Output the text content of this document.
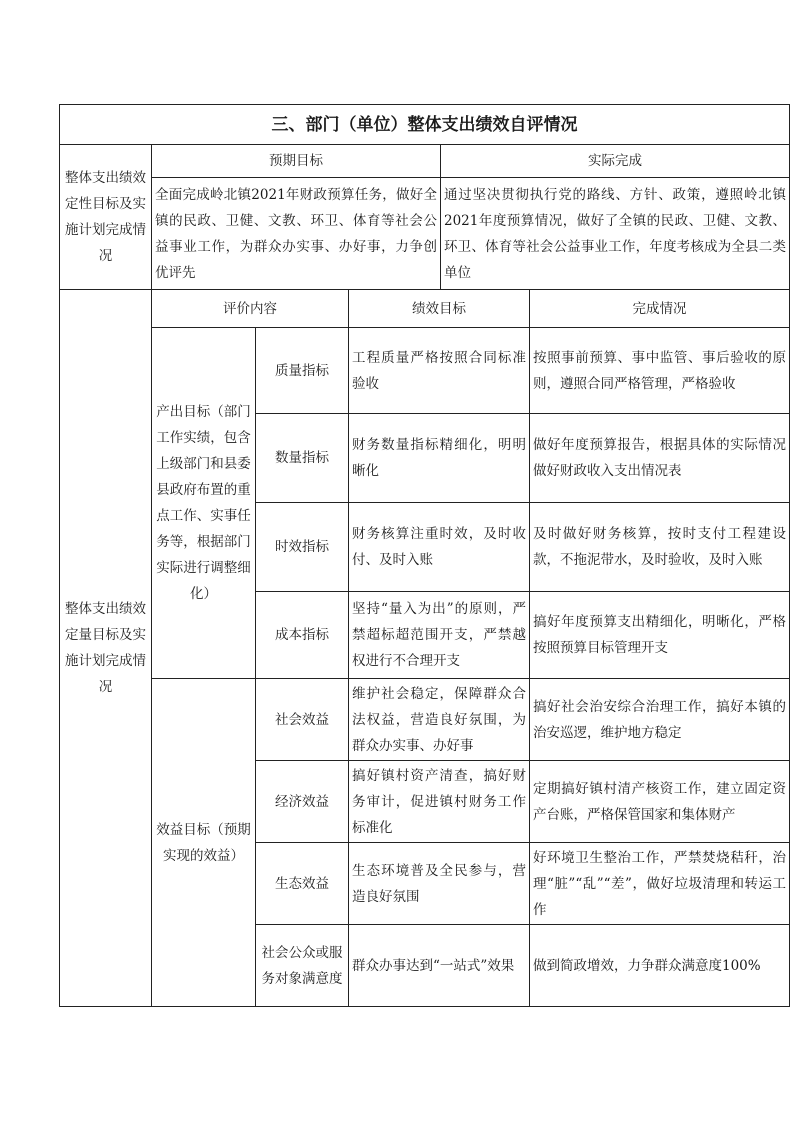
三、部门（单位）整体支出绩效自评情况					
整体支出绩效定性目标及实施计划完成情况	预期目标			实际完成	
	全面完成岭北镇2021年财政预算任务，做好全镇的民政、卫健、文教、环卫、体育等社会公益事业工作，为群众办实事、办好事，力争创优评先			通过坚决贯彻执行党的路线、方针、政策，遵照岭北镇2021年度预算情况，做好了全镇的民政、卫健、文教、环卫、体育等社会公益事业工作，年度考核成为全县二类单位	
整体支出绩效定量目标及实施计划完成情况	评价内容		绩效目标		完成情况
	产出目标（部门工作实绩，包含上级部门和县委县政府布置的重点工作、实事任务等，根据部门实际进行调整细化）	质量指标	工程质量严格按照合同标准验收		按照事前预算、事中监管、事后验收的原则，遵照合同严格管理，严格验收
		数量指标	财务数量指标精细化，明明晰化		做好年度预算报告，根据具体的实际情况做好财政收入支出情况表
		时效指标	财务核算注重时效，及时收付、及时入账		及时做好财务核算，按时支付工程建设款，不拖泥带水，及时验收，及时入账
		成本指标	坚持“量入为出”的原则，严禁超标超范围开支，严禁越权进行不合理开支		搞好年度预算支出精细化，明晰化，严格按照预算目标管理开支
	效益目标（预期实现的效益）	社会效益	维护社会稳定，保障群众合法权益，营造良好氛围，为群众办实事、办好事		搞好社会治安综合治理工作，搞好本镇的治安巡逻，维护地方稳定
		经济效益	搞好镇村资产清查，搞好财务审计，促进镇村财务工作标准化		定期搞好镇村清产核资工作，建立固定资产台账，严格保管国家和集体财产
		生态效益	生态环境普及全民参与，营造良好氛围		好环境卫生整治工作，严禁焚烧秸秆，治理“脏”“乱”“差”，做好垃圾清理和转运工作
		社会公众或服务对象满意度	群众办事达到“一站式”效果		做到简政增效，力争群众满意度100%
